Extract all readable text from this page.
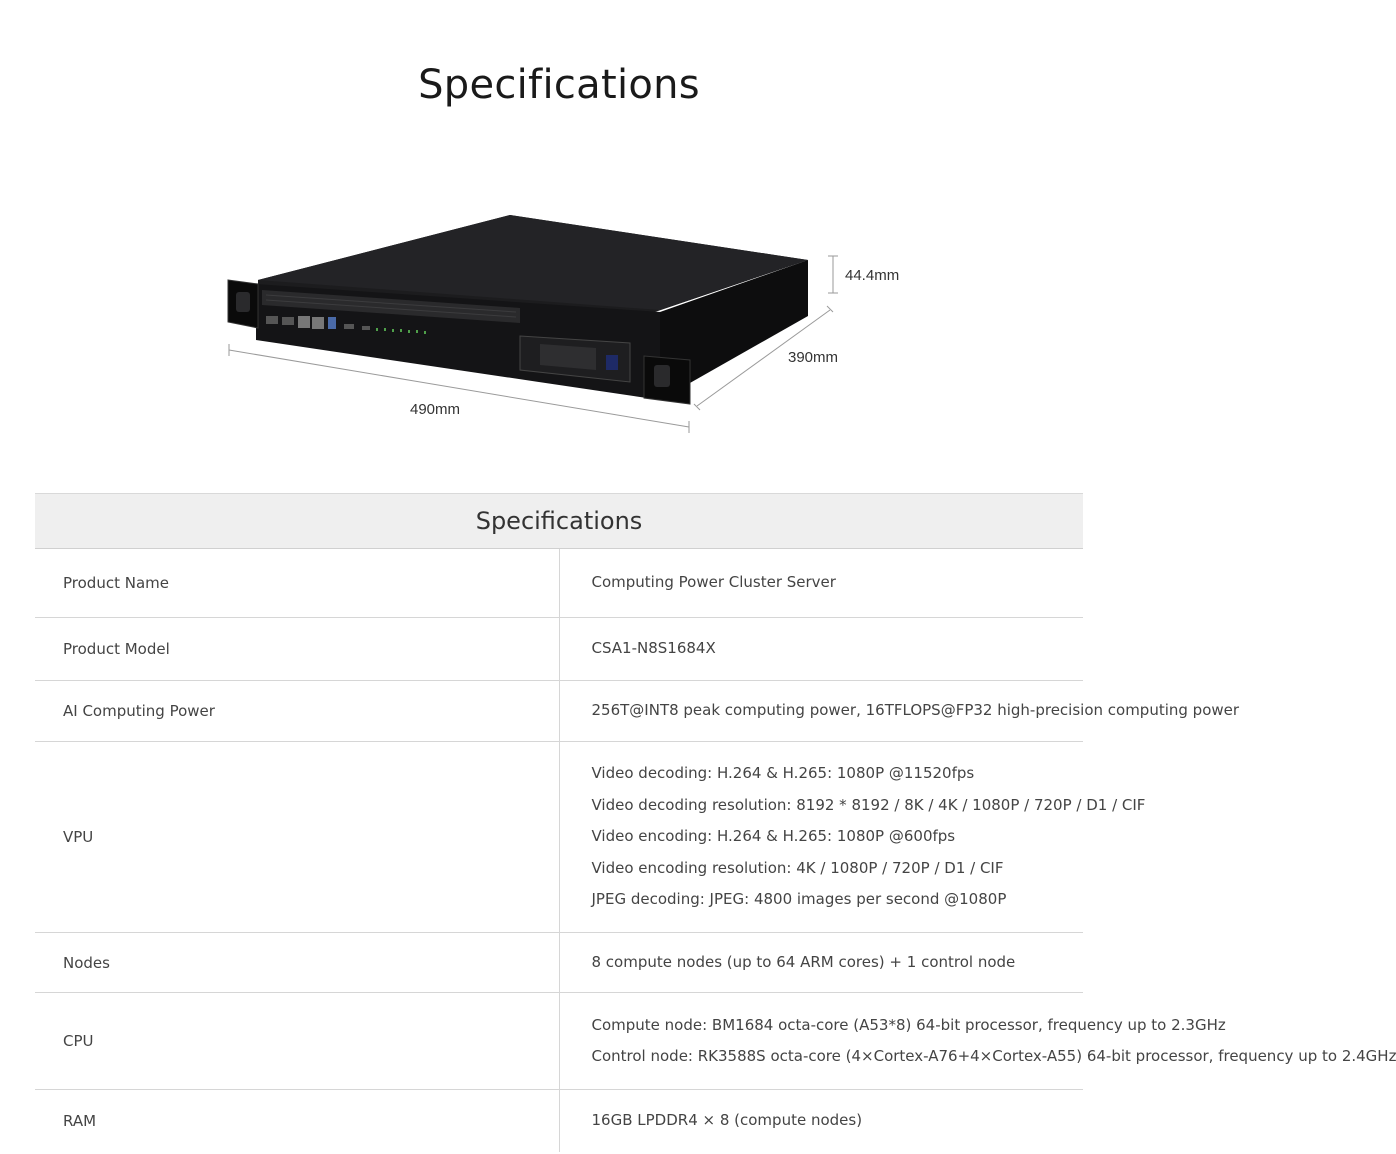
Specifications
44.4mm
390mm
490mm
Specifications	
Product Name	Computing Power Cluster Server

Product Model	CSA1-N8S1684X

AI Computing Power	256T@INT8 peak computing power, 16TFLOPS@FP32 high-precision computing power

VPU	Video decoding: H.264 & H.265: 1080P @11520fps
Video decoding resolution: 8192 * 8192 / 8K / 4K / 1080P / 720P / D1 / CIF
Video encoding: H.264 & H.265: 1080P @600fps
Video encoding resolution: 4K / 1080P / 720P / D1 / CIF
JPEG decoding: JPEG: 4800 images per second @1080P

Nodes	8 compute nodes (up to 64 ARM cores) + 1 control node

CPU	Compute node: BM1684 octa-core (A53*8) 64-bit processor, frequency up to 2.3GHz
Control node: RK3588S octa-core (4×Cortex-A76+4×Cortex-A55) 64-bit processor, frequency up to 2.4GHz

RAM	16GB LPDDR4 × 8 (compute nodes)
